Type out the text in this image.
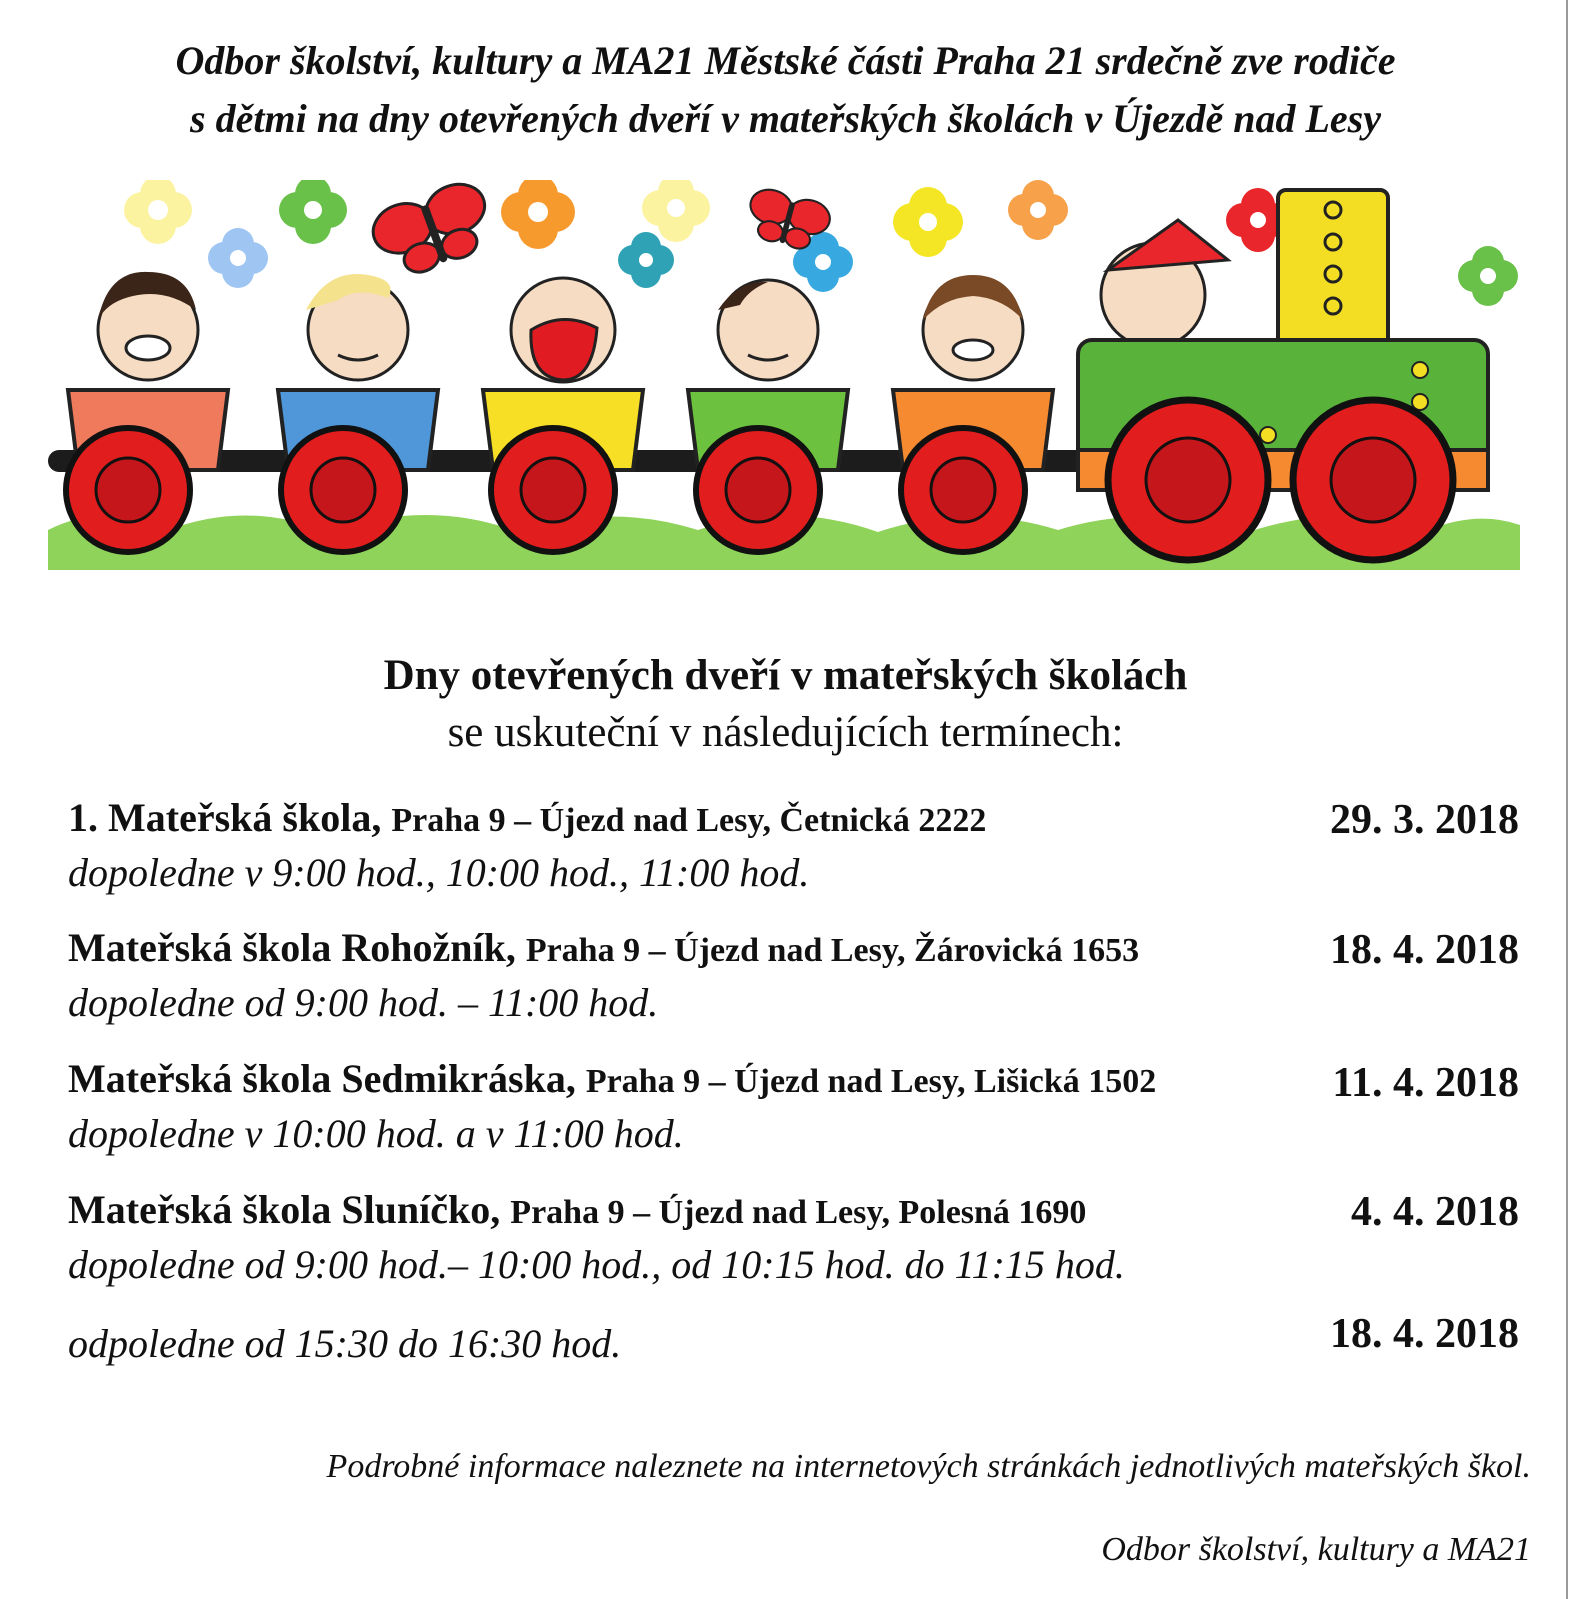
Odbor školství, kultury a MA21 Městské části Praha 21 srdečně zve rodiče
s dětmi na dny otevřených dveří v mateřských školách v Újezdě nad Lesy
Dny otevřených dveří v mateřských školách
se uskuteční v následujících termínech:
1. Mateřská škola, Praha 9 – Újezd nad Lesy, Četnická 2222
dopoledne v 9:00 hod., 10:00 hod., 11:00 hod.
29. 3. 2018
Mateřská škola Rohožník, Praha 9 – Újezd nad Lesy, Žárovická 1653
dopoledne od 9:00 hod. – 11:00 hod.
18. 4. 2018
Mateřská škola Sedmikráska, Praha 9 – Újezd nad Lesy, Lišická 1502
dopoledne v 10:00 hod. a v 11:00 hod.
11. 4. 2018
Mateřská škola Sluníčko, Praha 9 – Újezd nad Lesy, Polesná 1690
dopoledne od 9:00 hod.– 10:00 hod., od 10:15 hod. do 11:15 hod.
4. 4. 2018
odpoledne od 15:30 do 16:30 hod.	18. 4. 2018
Podrobné informace naleznete na internetových stránkách jednotlivých mateřských škol.
Odbor školství, kultury a MA21
